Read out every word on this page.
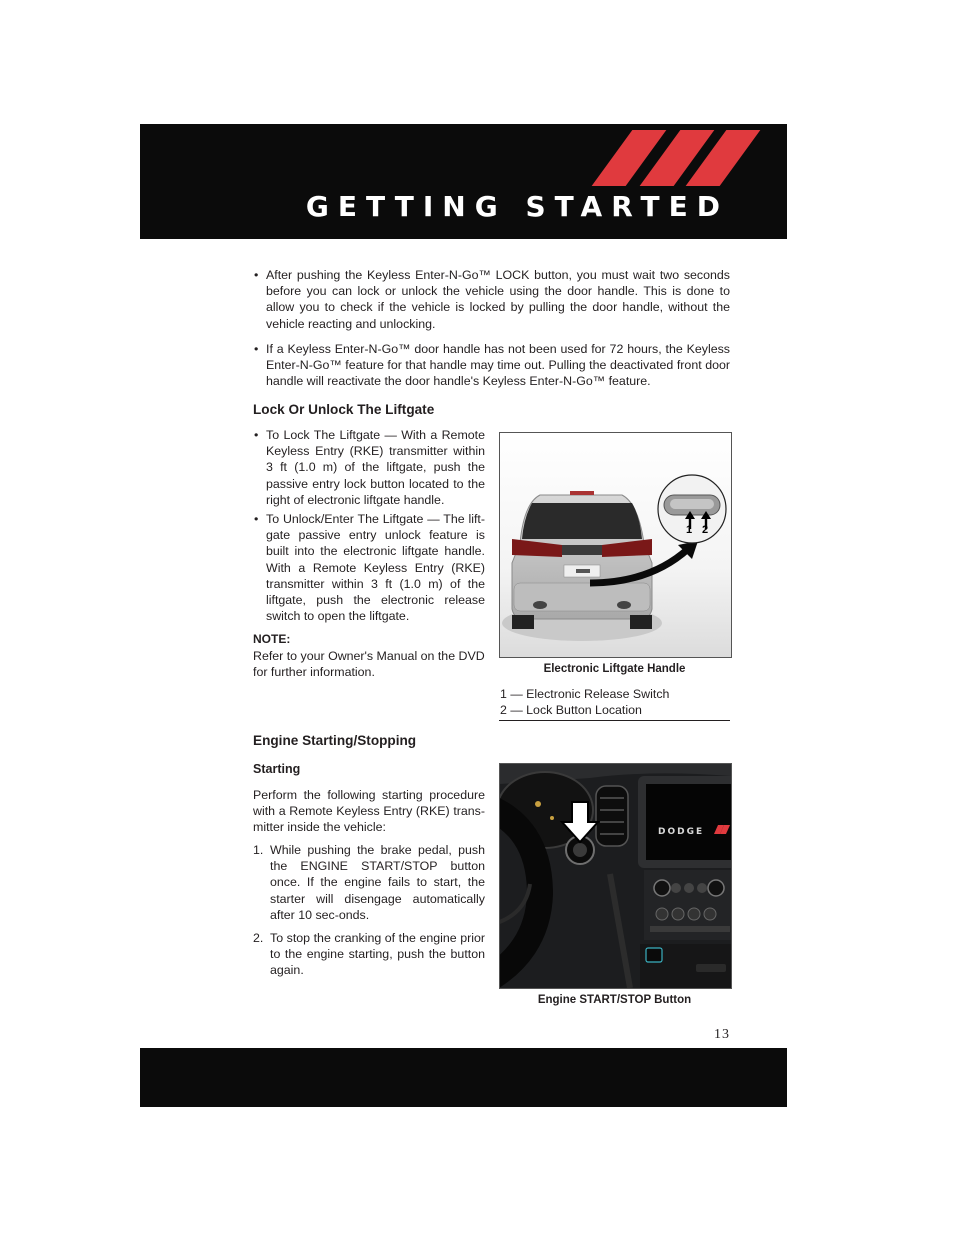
GETTING STARTED
• After pushing the Keyless Enter-N-Go™ LOCK button, you must wait two seconds before you can lock or unlock the vehicle using the door handle. This is done to allow you to check if the vehicle is locked by pulling the door handle, without the vehicle reacting and unlocking.
• If a Keyless Enter-N-Go™ door handle has not been used for 72 hours, the Keyless Enter-N-Go™ feature for that handle may time out. Pulling the deactivated front door handle will reactivate the door handle's Keyless Enter-N-Go™ feature.
Lock Or Unlock The Liftgate
• To Lock The Liftgate — With a Remote Keyless Entry (RKE) transmitter within 3 ft (1.0 m) of the liftgate, push the passive entry lock button located to the right of electronic liftgate handle.
• To Unlock/Enter The Liftgate — The lift-gate passive entry unlock feature is built into the electronic liftgate handle. With a Remote Keyless Entry (RKE) transmitter within 3 ft (1.0 m) of the liftgate, push the electronic release switch to open the liftgate.
NOTE:
Refer to your Owner's Manual on the DVD for further information.
1 2
Electronic Liftgate Handle
1 — Electronic Release Switch
2 — Lock Button Location
Engine Starting/Stopping
Starting
Perform the following starting procedure with a Remote Keyless Entry (RKE) trans-mitter inside the vehicle:
1. While pushing the brake pedal, push the ENGINE START/STOP button once. If the engine fails to start, the starter will disengage automatically after 10 sec-onds.
2. To stop the cranking of the engine prior to the engine starting, push the button again.
DODGE
Engine START/STOP Button
13
